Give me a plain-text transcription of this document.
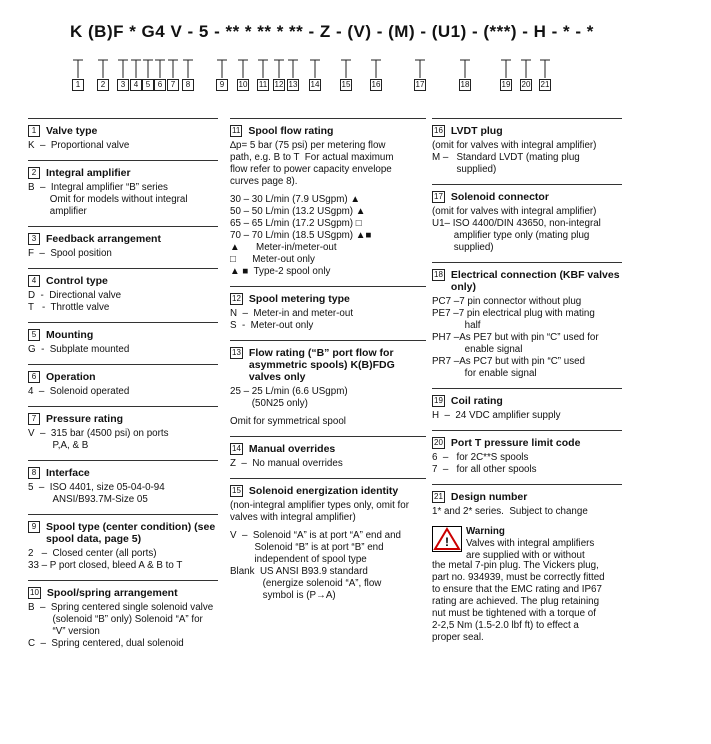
K (B)F * G4 V - 5 - ** * ** * ** - Z - (V) - (M) - (U1) - (***) - H - * - *
1	2	3	4 5 6	7	8	9	10 11 12 13 14	15	16	17	18	19 20 21
1 Valve type
K  –  Proportional valve
2 Integral amplifier
B  –  Integral amplifier “B” series
Omit for models without integral
amplifier
3 Feedback arrangement
F  –  Spool position
4 Control type
D  -  Directional valve
T   -  Throttle valve
5 Mounting
G  -  Subplate mounted
6 Operation
4  –  Solenoid operated
7 Pressure rating
V  –  315 bar (4500 psi) on ports
P,A, & B
8 Interface
5  –  ISO 4401, size 05-04-0-94
ANSI/B93.7M-Size 05
9 Spool type (center condition) (see spool data, page 5)
2   –  Closed center (all ports)
33 – P port closed, bleed A & B to T
10 Spool/spring arrangement
B  –  Spring centered single solenoid valve
(solenoid “B” only) Solenoid “A” for
“V” version
C  –  Spring centered, dual solenoid
11 Spool flow rating
∆p= 5 bar (75 psi) per metering flow
path, e.g. B to T  For actual maximum
flow refer to power capacity envelope
curves page 8).
30 – 30 L/min (7.9 USgpm) ▲
50 – 50 L/min (13.2 USgpm) ▲
65 – 65 L/min (17.2 USgpm) □
70 – 70 L/min (18.5 USgpm) ▲■
▲      Meter-in/meter-out
□      Meter-out only
▲ ■  Type-2 spool only
12 Spool metering type
N  –  Meter-in and meter-out
S  -  Meter-out only
13 Flow rating (“B” port flow for asymmetric spools) K(B)FDG valves only
25 – 25 L/min (6.6 USgpm)
(50N25 only)
Omit for symmetrical spool
14 Manual overrides
Z  –  No manual overrides
15 Solenoid energization identity
(non-integral amplifier types only, omit for
valves with integral amplifier)
V  –  Solenoid “A” is at port “A” end and
Solenoid “B” is at port “B” end
independent of spool type
Blank  US ANSI B93.9 standard
(energize solenoid “A”, flow
symbol is (P→A)
16 LVDT plug
(omit for valves with integral amplifier)
M –   Standard LVDT (mating plug
supplied)
17 Solenoid connector
(omit for valves with integral amplifier)
U1– ISO 4400/DIN 43650, non-integral
amplifier type only (mating plug
supplied)
18 Electrical connection (KBF valves only)
PC7 –7 pin connector without plug
PE7 –7 pin electrical plug with mating
half
PH7 –As PE7 but with pin “C” used for
enable signal
PR7 –As PC7 but with pin “C” used
for enable signal
19 Coil rating
H  –  24 VDC amplifier supply
20 Port T pressure limit code
6  –   for 2C**S spools
7  –   for all other spools
21 Design number
1* and 2* series.  Subject to change
!
Warning
Valves with integral amplifiers
are supplied with or without
the metal 7-pin plug. The Vickers plug,
part no. 934939, must be correctly fitted
to ensure that the EMC rating and IP67
rating are achieved. The plug retaining
nut must be tightened with a torque of
2-2,5 Nm (1.5-2.0 lbf ft) to effect a
proper seal.
